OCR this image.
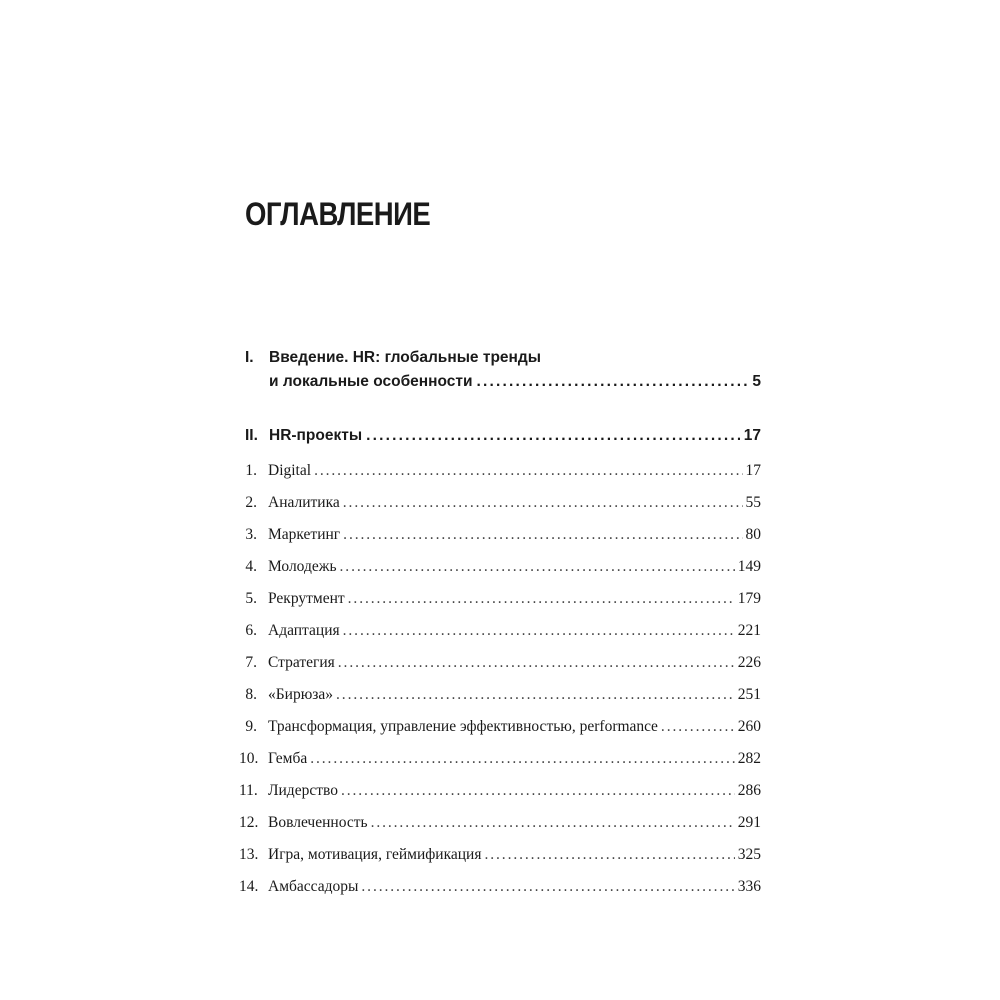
ОГЛАВЛЕНИЕ
I. Введение. HR: глобальные тренды
и локальные особенности .....	5
II. HR-проекты .....	17
1. Digital .....	17
2. Аналитика .....	55
3. Маркетинг .....	80
4. Молодежь .....	149
5. Рекрутмент .....	179
6. Адаптация .....	221
7. Стратегия .....	226
8. «Бирюза» .....	251
9. Трансформация, управление эффективностью, performance .....	260
10. Гемба .....	282
11. Лидерство .....	286
12. Вовлеченность .....	291
13. Игра, мотивация, геймификация .....	325
14. Амбассадоры .....	336
